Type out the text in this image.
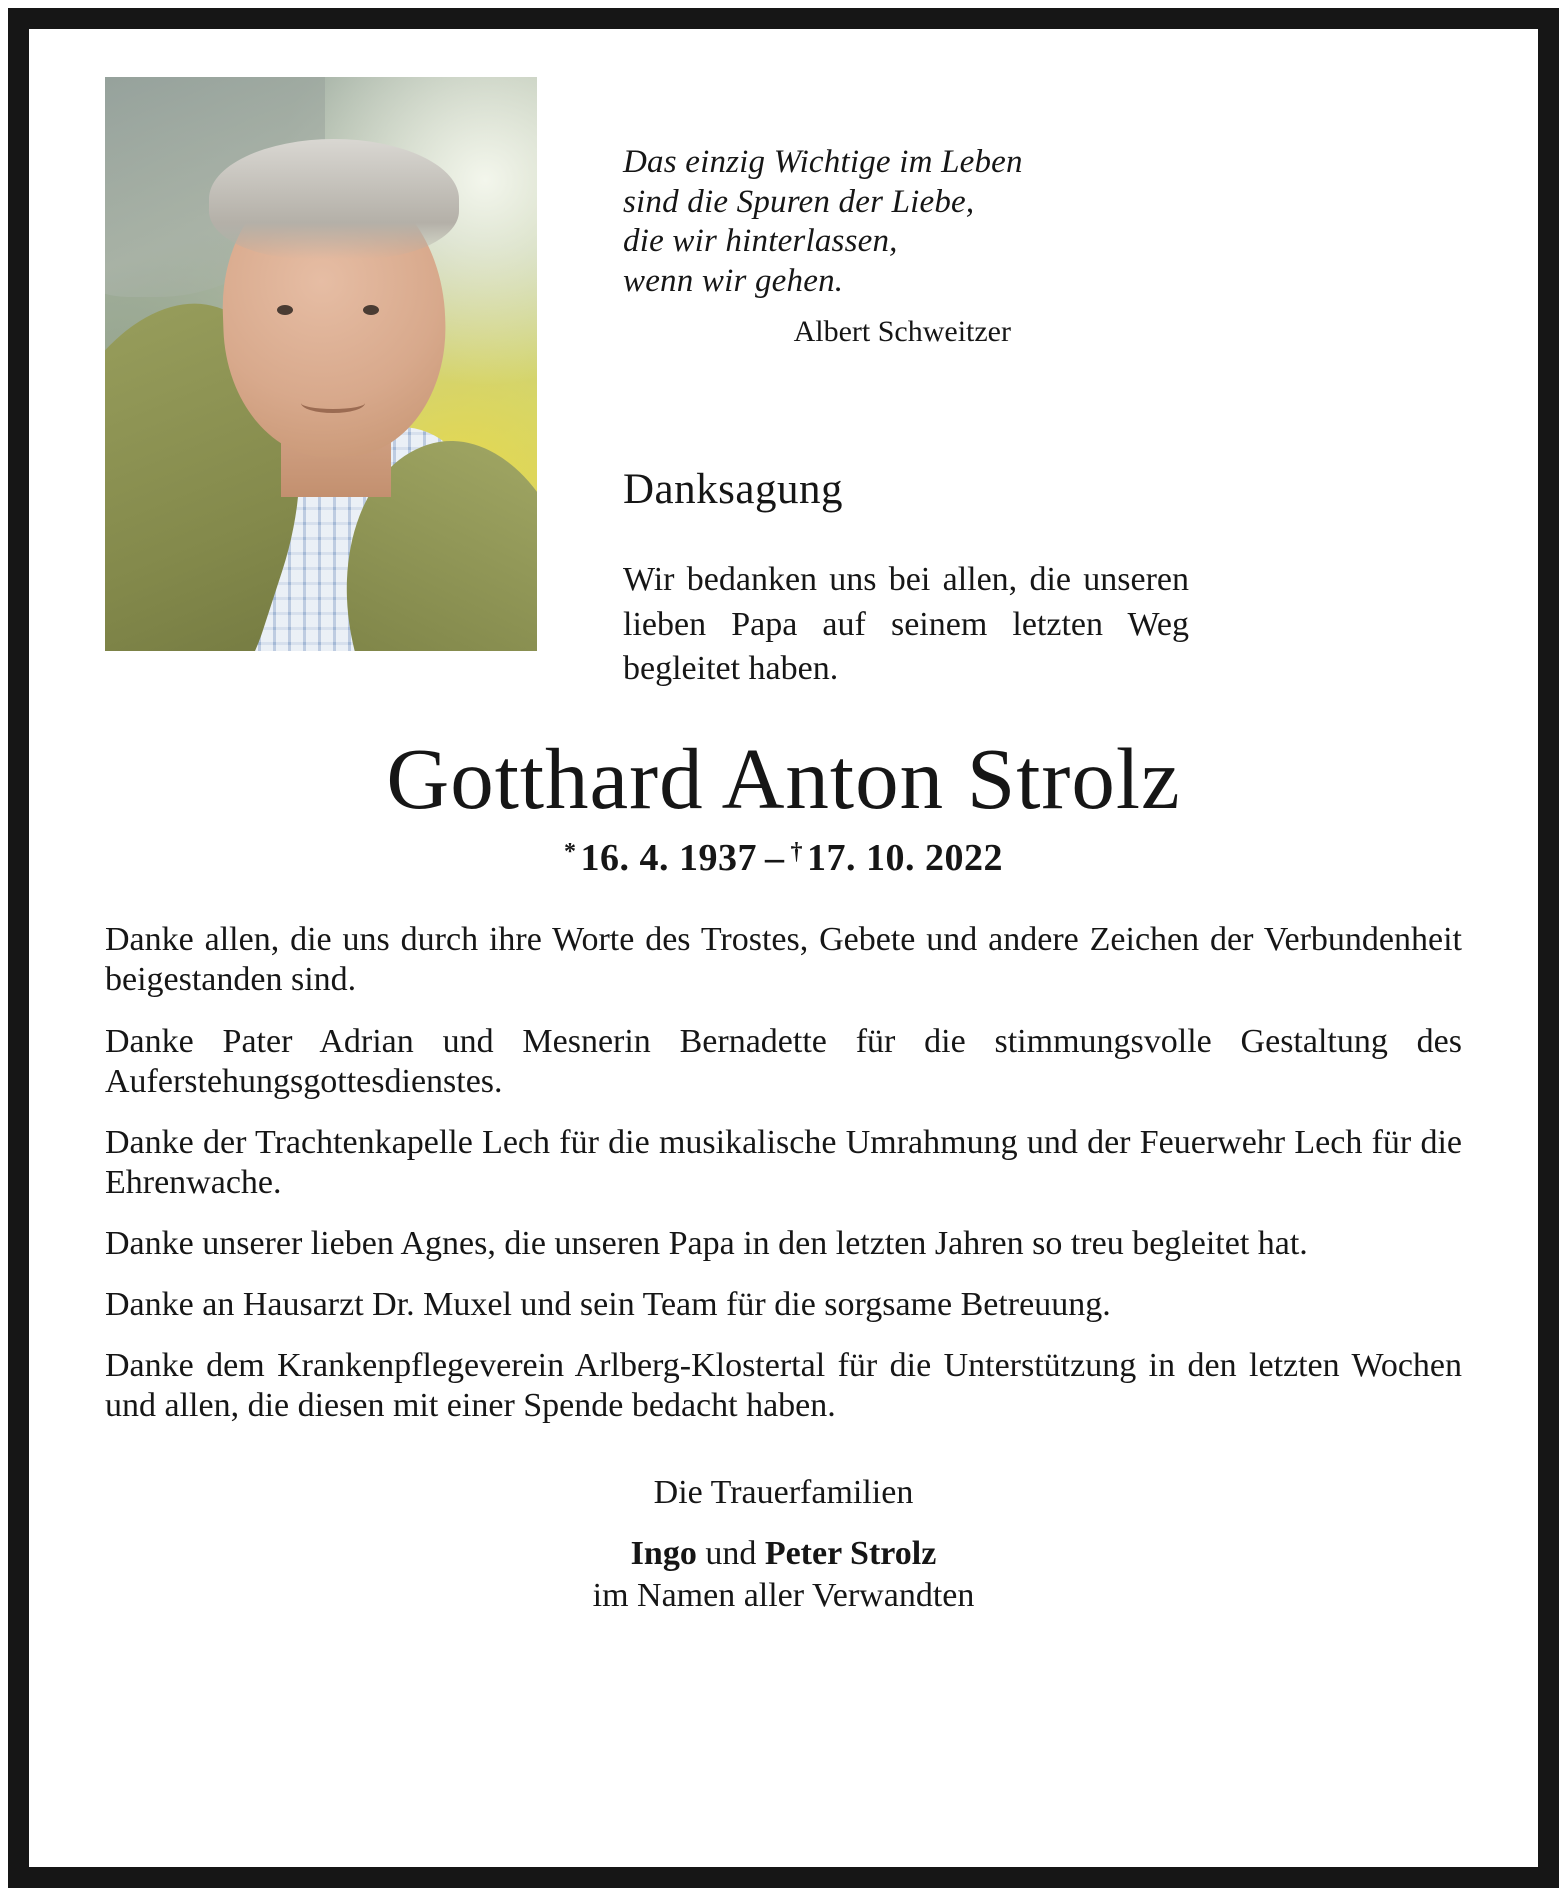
Das einzig Wichtige im Leben
sind die Spuren der Liebe,
die wir hinterlassen,
wenn wir gehen.
Albert Schweitzer
Danksagung

Wir bedanken uns bei allen, die unseren lieben Papa auf seinem letzten Weg begleitet haben.

Gotthard Anton Strolz
* 16. 4. 1937 – † 17. 10. 2022

Danke allen, die uns durch ihre Worte des Trostes, Gebete und andere Zeichen der Verbundenheit beigestanden sind.

Danke Pater Adrian und Mesnerin Bernadette für die stimmungsvolle Gestaltung des Auferstehungsgottesdienstes.

Danke der Trachtenkapelle Lech für die musikalische Umrahmung und der Feuerwehr Lech für die Ehrenwache.

Danke unserer lieben Agnes, die unseren Papa in den letzten Jahren so treu begleitet hat.

Danke an Hausarzt Dr. Muxel und sein Team für die sorgsame Betreuung.

Danke dem Krankenpflegeverein Arlberg-Klostertal für die Unterstützung in den letzten Wochen und allen, die diesen mit einer Spende bedacht haben.

Die Trauerfamilien
Ingo und Peter Strolz
im Namen aller Verwandten
